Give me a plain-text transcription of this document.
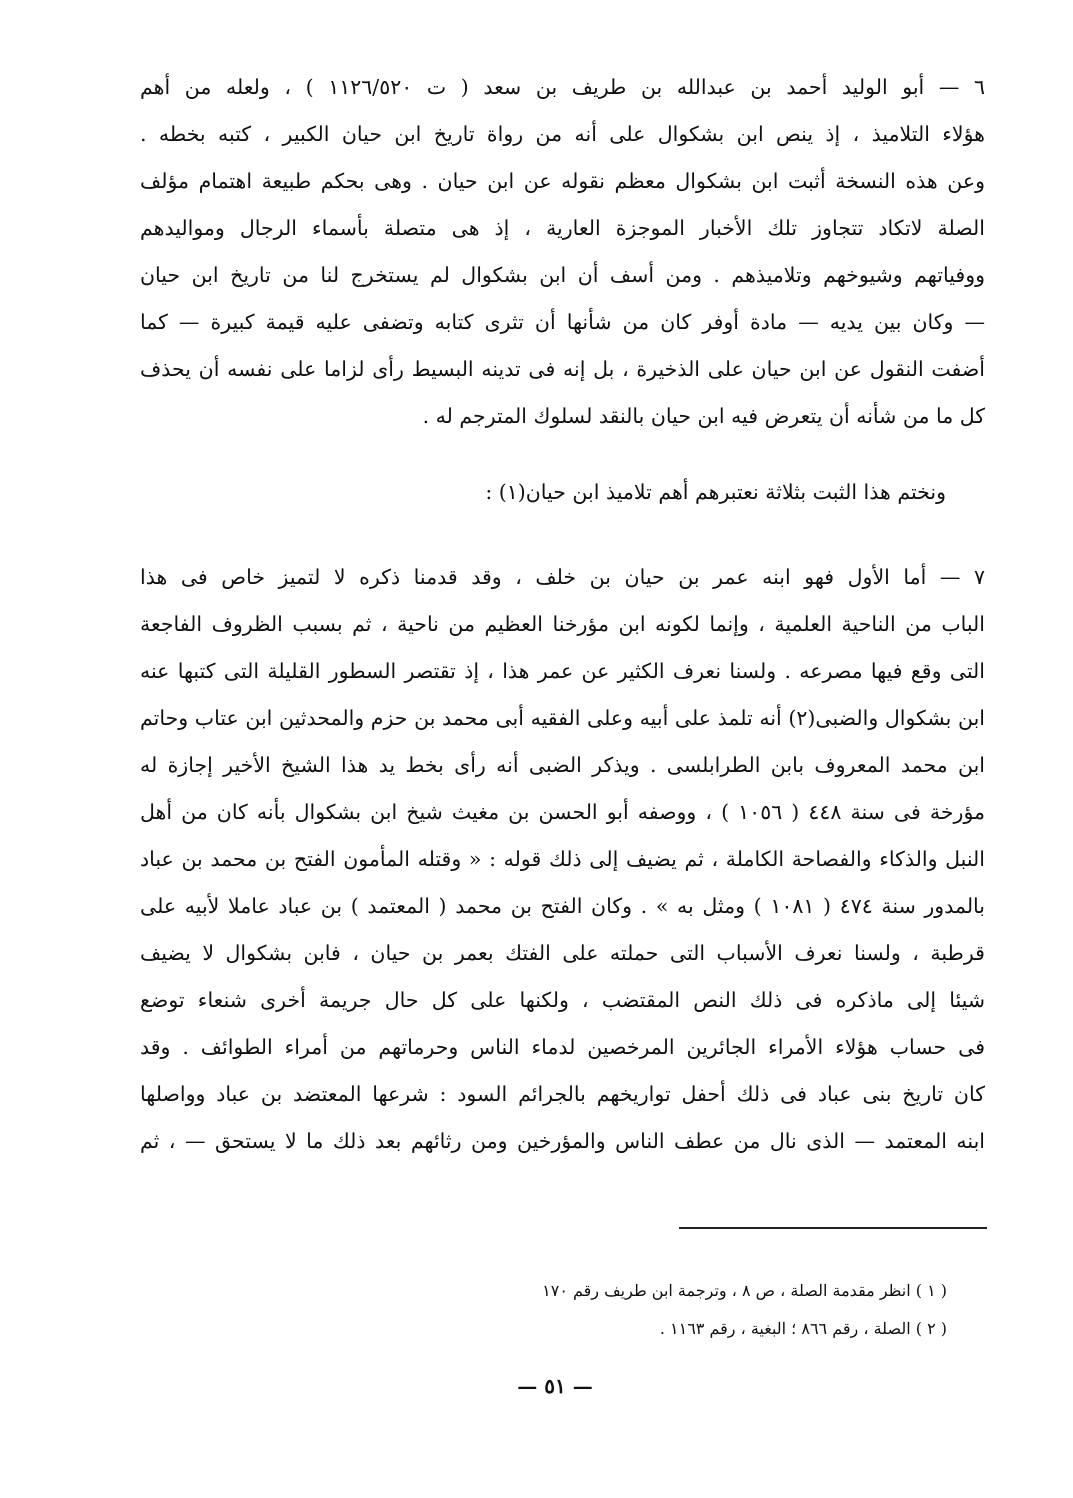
٦ — أبو الوليد أحمد بن عبدالله بن طريف بن سعد ( ت ١١٢٦/٥٢٠ ) ، ولعله من أهم
هؤلاء التلاميذ ، إذ ينص ابن بشكوال على أنه من رواة تاريخ ابن حيان الكبير ، كتبه بخطه .
وعن هذه النسخة أثبت ابن بشكوال معظم نقوله عن ابن حيان . وهى بحكم طبيعة اهتمام مؤلف
الصلة لاتكاد تتجاوز تلك الأخبار الموجزة العارية ، إذ هى متصلة بأسماء الرجال ومواليدهم
ووفياتهم وشيوخهم وتلاميذهم . ومن أسف أن ابن بشكوال لم يستخرج لنا من تاريخ ابن حيان
— وكان بين يديه — مادة أوفر كان من شأنها أن تثرى كتابه وتضفى عليه قيمة كبيرة — كما
أضفت النقول عن ابن حيان على الذخيرة ، بل إنه فى تدينه البسيط رأى لزاما على نفسه أن يحذف
كل ما من شأنه أن يتعرض فيه ابن حيان بالنقد لسلوك المترجم له .
ونختم هذا الثبت بثلاثة نعتبرهم أهم تلاميذ ابن حيان(١) :
٧ — أما الأول فهو ابنه عمر بن حيان بن خلف ، وقد قدمنا ذكره لا لتميز خاص فى هذا
الباب من الناحية العلمية ، وإنما لكونه ابن مؤرخنا العظيم من ناحية ، ثم بسبب الظروف الفاجعة
التى وقع فيها مصرعه . ولسنا نعرف الكثير عن عمر هذا ، إذ تقتصر السطور القليلة التى كتبها عنه
ابن بشكوال والضبى(٢) أنه تلمذ على أبيه وعلى الفقيه أبى محمد بن حزم والمحدثين ابن عتاب وحاتم
ابن محمد المعروف بابن الطرابلسى . ويذكر الضبى أنه رأى بخط يد هذا الشيخ الأخير إجازة له
مؤرخة فى سنة ٤٤٨ ( ١٠٥٦ ) ، ووصفه أبو الحسن بن مغيث شيخ ابن بشكوال بأنه كان من أهل
النبل والذكاء والفصاحة الكاملة ، ثم يضيف إلى ذلك قوله : « وقتله المأمون الفتح بن محمد بن عباد
بالمدور سنة ٤٧٤ ( ١٠٨١ ) ومثل به » . وكان الفتح بن محمد ( المعتمد ) بن عباد عاملا لأبيه على
قرطبة ، ولسنا نعرف الأسباب التى حملته على الفتك بعمر بن حيان ، فابن بشكوال لا يضيف
شيئا إلى ماذكره فى ذلك النص المقتضب ، ولكنها على كل حال جريمة أخرى شنعاء توضع
فى حساب هؤلاء الأمراء الجائرين المرخصين لدماء الناس وحرماتهم من أمراء الطوائف . وقد
كان تاريخ بنى عباد فى ذلك أحفل تواريخهم بالجرائم السود : شرعها المعتضد بن عباد وواصلها
ابنه المعتمد — الذى نال من عطف الناس والمؤرخين ومن رثائهم بعد ذلك ما لا يستحق — ، ثم
( ١ ) انظر مقدمة الصلة ، ص ٨ ، وترجمة ابن طريف رقم ١٧٠
( ٢ ) الصلة ، رقم ٨٦٦ ؛ البغية ، رقم ١١٦٣ .
— ٥١ —
